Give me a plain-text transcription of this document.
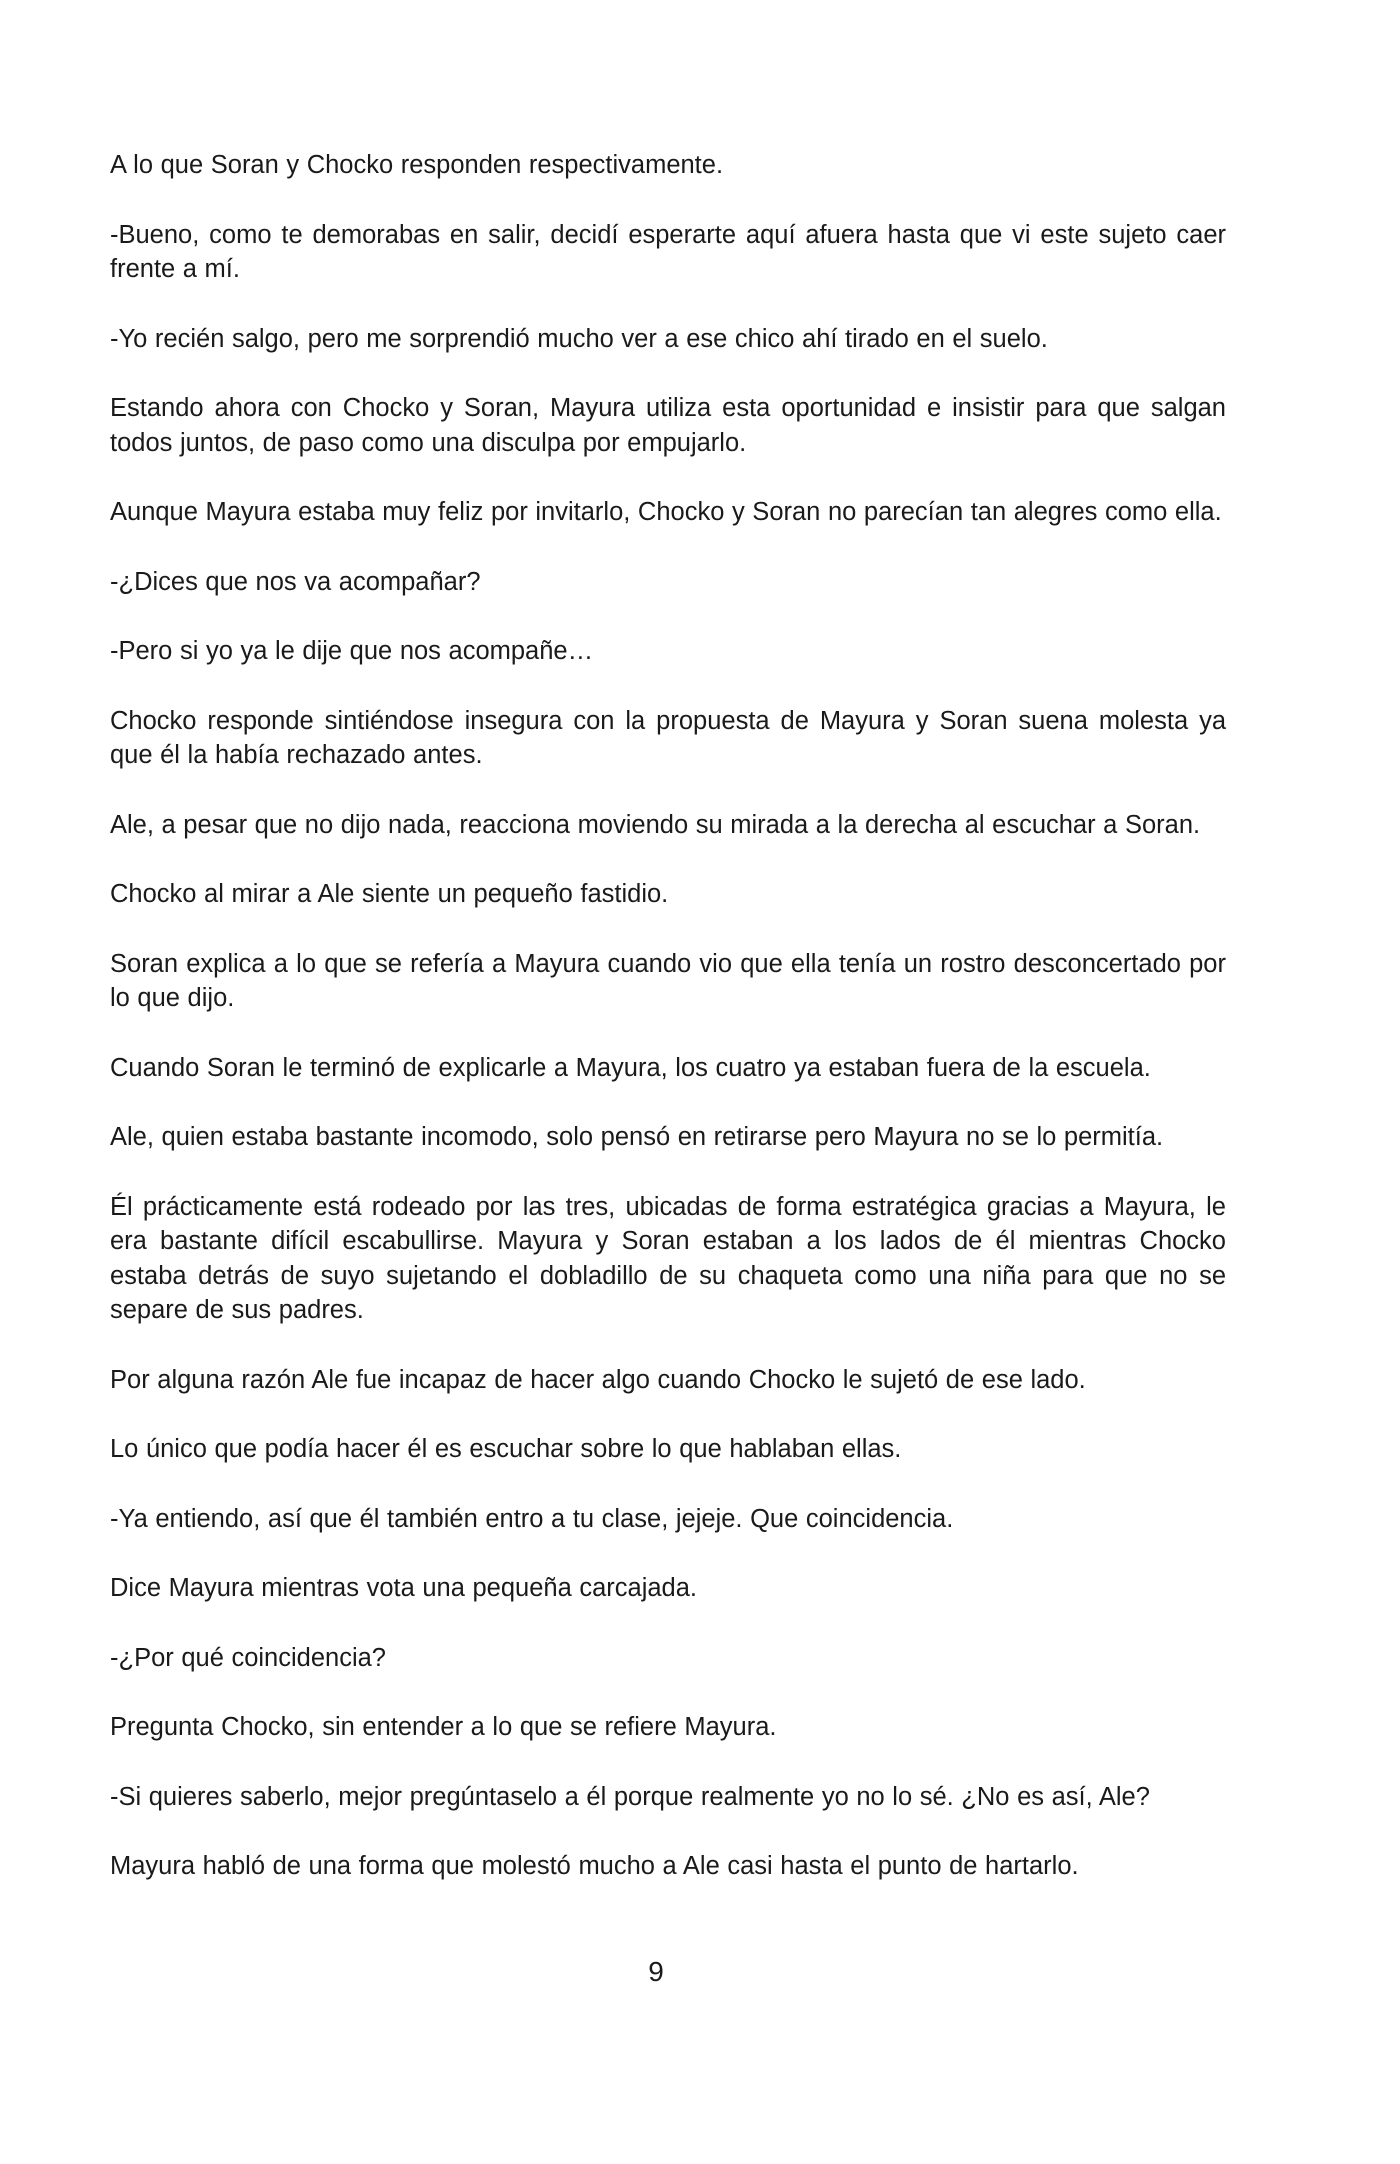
A lo que Soran y Chocko responden respectivamente.

-Bueno, como te demorabas en salir, decidí esperarte aquí afuera hasta que vi este sujeto caer frente a mí.

-Yo recién salgo, pero me sorprendió mucho ver a ese chico ahí tirado en el suelo.

Estando ahora con Chocko y Soran, Mayura utiliza esta oportunidad e insistir para que salgan todos juntos, de paso como una disculpa por empujarlo.

Aunque Mayura estaba muy feliz por invitarlo, Chocko y Soran no parecían tan alegres como ella.

-¿Dices que nos va acompañar?

-Pero si yo ya le dije que nos acompañe…

Chocko responde sintiéndose insegura con la propuesta de Mayura y Soran suena molesta ya que él la había rechazado antes.

Ale, a pesar que no dijo nada, reacciona moviendo su mirada a la derecha al escuchar a Soran.

Chocko al mirar a Ale siente un pequeño fastidio.

Soran explica a lo que se refería a Mayura cuando vio que ella tenía un rostro desconcertado por lo que dijo.

Cuando Soran le terminó de explicarle a Mayura, los cuatro ya estaban fuera de la escuela.

Ale, quien estaba bastante incomodo, solo pensó en retirarse pero Mayura no se lo permitía.

Él prácticamente está rodeado por las tres, ubicadas de forma estratégica gracias a Mayura, le era bastante difícil escabullirse. Mayura y Soran estaban a los lados de él mientras Chocko estaba detrás de suyo sujetando el dobladillo de su chaqueta como una niña para que no se separe de sus padres.

Por alguna razón Ale fue incapaz de hacer algo cuando Chocko le sujetó de ese lado.

Lo único que podía hacer él es escuchar sobre lo que hablaban ellas.

-Ya entiendo, así que él también entro a tu clase, jejeje. Que coincidencia.

Dice Mayura mientras vota una pequeña carcajada.

-¿Por qué coincidencia?

Pregunta Chocko, sin entender a lo que se refiere Mayura.

-Si quieres saberlo, mejor pregúntaselo a él porque realmente yo no lo sé. ¿No es así, Ale?

Mayura habló de una forma que molestó mucho a Ale casi hasta el punto de hartarlo.

9
